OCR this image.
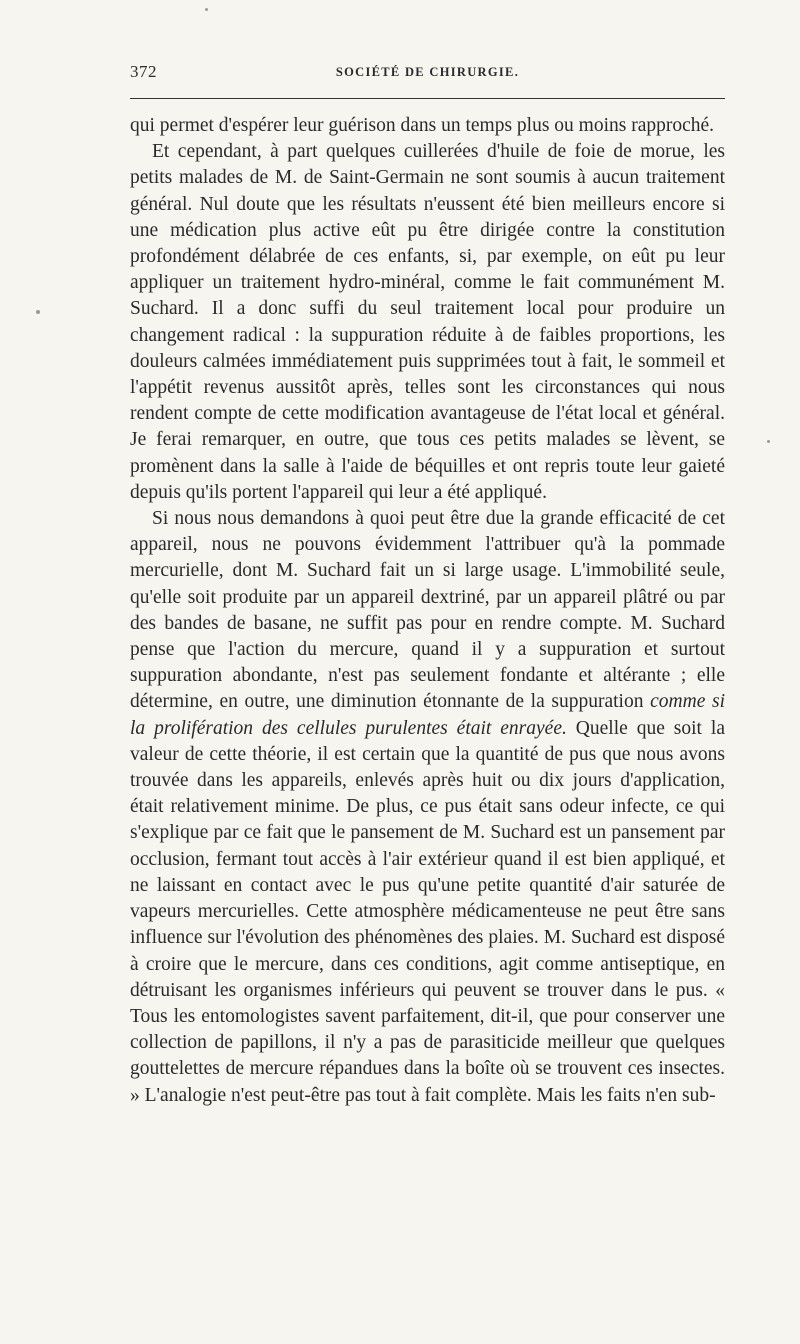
372	SOCIÉTÉ DE CHIRURGIE.

qui permet d'espérer leur guérison dans un temps plus ou moins rapproché.

Et cependant, à part quelques cuillerées d'huile de foie de morue, les petits malades de M. de Saint-Germain ne sont soumis à aucun traitement général. Nul doute que les résultats n'eussent été bien meilleurs encore si une médication plus active eût pu être dirigée contre la constitution profondément délabrée de ces enfants, si, par exemple, on eût pu leur appliquer un traitement hydro-minéral, comme le fait communément M. Suchard. Il a donc suffi du seul traitement local pour produire un changement radical : la suppuration réduite à de faibles proportions, les douleurs calmées immédiatement puis supprimées tout à fait, le sommeil et l'appétit revenus aussitôt après, telles sont les circonstances qui nous rendent compte de cette modification avantageuse de l'état local et général. Je ferai remarquer, en outre, que tous ces petits malades se lèvent, se promènent dans la salle à l'aide de béquilles et ont repris toute leur gaieté depuis qu'ils portent l'appareil qui leur a été appliqué.

Si nous nous demandons à quoi peut être due la grande efficacité de cet appareil, nous ne pouvons évidemment l'attribuer qu'à la pommade mercurielle, dont M. Suchard fait un si large usage. L'immobilité seule, qu'elle soit produite par un appareil dextriné, par un appareil plâtré ou par des bandes de basane, ne suffit pas pour en rendre compte. M. Suchard pense que l'action du mercure, quand il y a suppuration et surtout suppuration abondante, n'est pas seulement fondante et altérante ; elle détermine, en outre, une diminution étonnante de la suppuration comme si la prolifération des cellules purulentes était enrayée. Quelle que soit la valeur de cette théorie, il est certain que la quantité de pus que nous avons trouvée dans les appareils, enlevés après huit ou dix jours d'application, était relativement minime. De plus, ce pus était sans odeur infecte, ce qui s'explique par ce fait que le pansement de M. Suchard est un pansement par occlusion, fermant tout accès à l'air extérieur quand il est bien appliqué, et ne laissant en contact avec le pus qu'une petite quantité d'air saturée de vapeurs mercurielles. Cette atmosphère médicamenteuse ne peut être sans influence sur l'évolution des phénomènes des plaies. M. Suchard est disposé à croire que le mercure, dans ces conditions, agit comme antiseptique, en détruisant les organismes inférieurs qui peuvent se trouver dans le pus. « Tous les entomologistes savent parfaitement, dit-il, que pour conserver une collection de papillons, il n'y a pas de parasiticide meilleur que quelques gouttelettes de mercure répandues dans la boîte où se trouvent ces insectes. » L'analogie n'est peut-être pas tout à fait complète. Mais les faits n'en sub-
